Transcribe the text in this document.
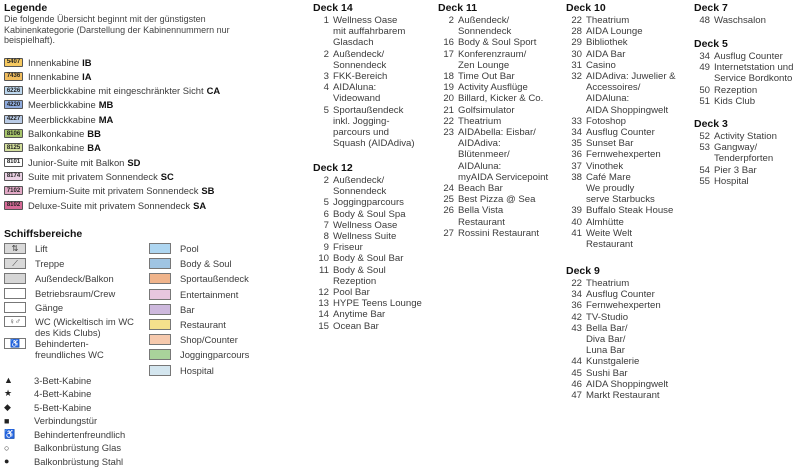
Legende
Die folgende Übersicht beginnt mit der günstigsten Kabinenkategorie (Darstellung der Kabinennummern nur beispielhaft).
5407 Innenkabine IB
7436 Innenkabine IA
6226 Meerblickkabine mit eingeschränkter Sicht CA
4220 Meerblickkabine MB
4227 Meerblickkabine MA
8106 Balkonkabine BB
8125 Balkonkabine BA
8101 Junior-Suite mit Balkon SD
8174 Suite mit privatem Sonnendeck SC
7102 Premium-Suite mit privatem Sonnendeck SB
8102 Deluxe-Suite mit privatem Sonnendeck SA
Schiffsbereiche
⇅	Lift
⟋	Treppe
Außendeck/Balkon
Betriebsraum/Crew
Gänge
♀♂	WC (Wickeltisch im WC des Kids Clubs)
♿	Behinderten-freundliches WC
Pool
Body & Soul
Sportaußendeck
Entertainment
Bar
Restaurant
Shop/Counter
Joggingparcours
Hospital
▲	3-Bett-Kabine
★	4-Bett-Kabine
◆	5-Bett-Kabine
■	Verbindungstür
♿ Behindertenfreundlich
○	Balkonbrüstung Glas
●	Balkonbrüstung Stahl
Deck 14
1 Wellness Oase
mit auffahrbarem
Glasdach
2 Außendeck/
Sonnendeck
3 FKK-Bereich
4 AIDAluna:
Videowand
5 Sportaußendeck
inkl. Jogging-
parcours und
Squash (AIDAdiva)
Deck 12
2 Außendeck/
Sonnendeck
5 Joggingparcours
6 Body & Soul Spa
7 Wellness Oase
8 Wellness Suite
9 Friseur
10 Body & Soul Bar
11 Body & Soul
Rezeption
12 Pool Bar
13 HYPE Teens Lounge
14 Anytime Bar
15 Ocean Bar
Deck 11
2 Außendeck/
Sonnendeck
16 Body & Soul Sport
17 Konferenzraum/
Zen Lounge
18 Time Out Bar
19 Activity Ausflüge
20 Billard, Kicker & Co.
21 Golfsimulator
22 Theatrium
23 AIDAbella: Eisbar/
AIDAdiva:
Blütenmeer/
AIDAluna:
myAIDA Servicepoint
24 Beach Bar
25 Best Pizza @ Sea
26 Bella Vista
Restaurant
27 Rossini Restaurant
Deck 10
22 Theatrium
28 AIDA Lounge
29 Bibliothek
30 AIDA Bar
31 Casino
32 AIDAdiva: Juwelier &
Accessoires/
AIDAluna:
AIDA Shoppingwelt
33 Fotoshop
34 Ausflug Counter
35 Sunset Bar
36 Fernwehexperten
37 Vinothek
38 Café Mare
We proudly
serve Starbucks
39 Buffalo Steak House
40 Almhütte
41 Weite Welt
Restaurant
Deck 9
22 Theatrium
34 Ausflug Counter
36 Fernwehexperten
42 TV-Studio
43 Bella Bar/
Diva Bar/
Luna Bar
44 Kunstgalerie
45 Sushi Bar
46 AIDA Shoppingwelt
47 Markt Restaurant
Deck 7
48 Waschsalon
Deck 5
34 Ausflug Counter
49 Internetstation und
Service Bordkonto
50 Rezeption
51 Kids Club
Deck 3
52 Activity Station
53 Gangway/
Tenderpforten
54 Pier 3 Bar
55 Hospital
